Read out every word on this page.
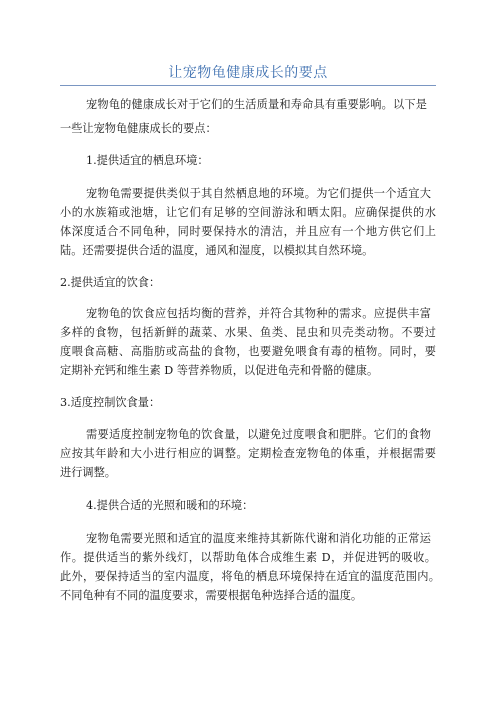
让宠物龟健康成长的要点
宠物龟的健康成长对于它们的生活质量和寿命具有重要影响。以下是
一些让宠物龟健康成长的要点：
1.提供适宜的栖息环境：
宠物龟需要提供类似于其自然栖息地的环境。为它们提供一个适宜大
小的水族箱或池塘，让它们有足够的空间游泳和晒太阳。应确保提供的水
体深度适合不同龟种，同时要保持水的清洁，并且应有一个地方供它们上
陆。还需要提供合适的温度，通风和湿度，以模拟其自然环境。
2.提供适宜的饮食：
宠物龟的饮食应包括均衡的营养，并符合其物种的需求。应提供丰富
多样的食物，包括新鲜的蔬菜、水果、鱼类、昆虫和贝壳类动物。不要过
度喂食高糖、高脂肪或高盐的食物，也要避免喂食有毒的植物。同时，要
定期补充钙和维生素 D 等营养物质，以促进龟壳和骨骼的健康。
3.适度控制饮食量：
需要适度控制宠物龟的饮食量，以避免过度喂食和肥胖。它们的食物
应按其年龄和大小进行相应的调整。定期检查宠物龟的体重，并根据需要
进行调整。
4.提供合适的光照和暖和的环境：
宠物龟需要光照和适宜的温度来维持其新陈代谢和消化功能的正常运
作。提供适当的紫外线灯，以帮助龟体合成维生素 D，并促进钙的吸收。
此外，要保持适当的室内温度，将龟的栖息环境保持在适宜的温度范围内。
不同龟种有不同的温度要求，需要根据龟种选择合适的温度。
